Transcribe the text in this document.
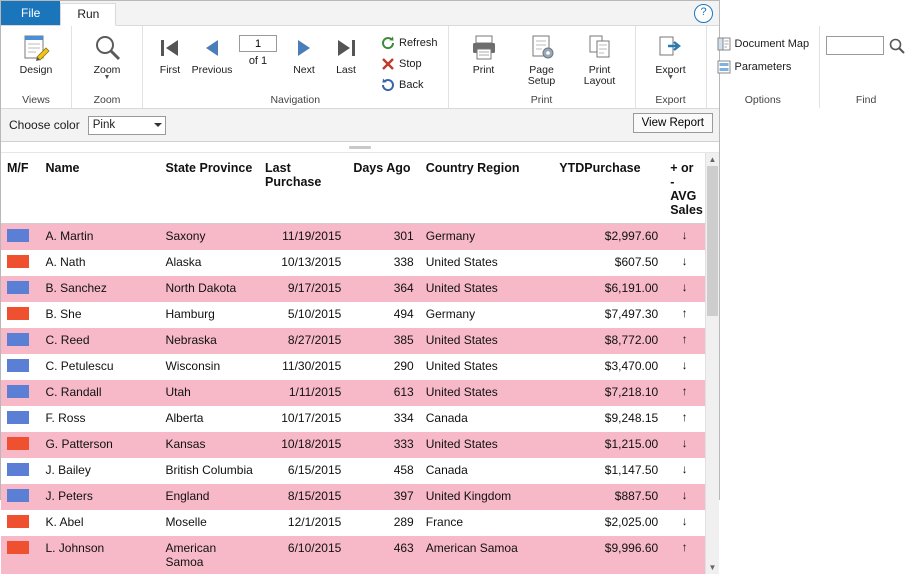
File	Run	?
Design
Views
Zoom
▼
Zoom
First Previous
1
of 1
Next Last
Refresh
Stop
Back
Navigation
Print	Page Setup
Print Layout
Print
Export
▼
Export
Document Map
Parameters
Options	Find
Choose color Pink	View Report
M/F	Name	State Province	Last Purchase	Days Ago	Country Region	YTDPurchase	+ or - AVG Sales
	A. Martin	Saxony	11/19/2015	301	Germany	$2,997.60	↓
	A. Nath	Alaska	10/13/2015	338	United States	$607.50	↓
	B. Sanchez	North Dakota	9/17/2015	364	United States	$6,191.00	↓
	B. She	Hamburg	5/10/2015	494	Germany	$7,497.30	↑
	C. Reed	Nebraska	8/27/2015	385	United States	$8,772.00	↑
	C. Petulescu	Wisconsin	11/30/2015	290	United States	$3,470.00	↓
	C. Randall	Utah	1/11/2015	613	United States	$7,218.10	↑
	F. Ross	Alberta	10/17/2015	334	Canada	$9,248.15	↑
	G. Patterson	Kansas	10/18/2015	333	United States	$1,215.00	↓
	J. Bailey	British Columbia	6/15/2015	458	Canada	$1,147.50	↓
	J. Peters	England	8/15/2015	397	United Kingdom	$887.50	↓
	K. Abel	Moselle	12/1/2015	289	France	$2,025.00	↓
	L. Johnson	American Samoa	6/10/2015	463	American Samoa	$9,996.60	↑
▲
▼
